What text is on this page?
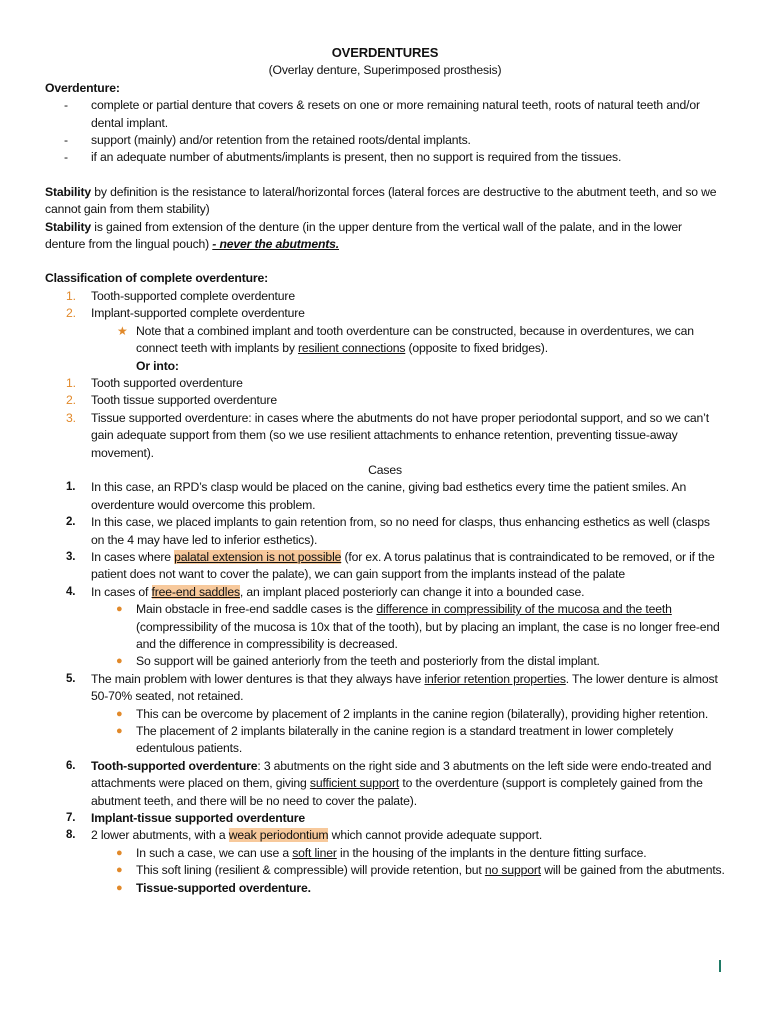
OVERDENTURES

(Overlay denture, Superimposed prosthesis)

Overdenture:

- complete or partial denture that covers & resets on one or more remaining natural teeth, roots of natural teeth and/or dental implant.
- support (mainly) and/or retention from the retained roots/dental implants.
- if an adequate number of abutments/implants is present, then no support is required from the tissues.

Stability by definition is the resistance to lateral/horizontal forces (lateral forces are destructive to the abutment teeth, and so we cannot gain from them stability)

Stability is gained from extension of the denture (in the upper denture from the vertical wall of the palate, and in the lower denture from the lingual pouch) - never the abutments.

Classification of complete overdenture:

1. Tooth-supported complete overdenture
2. Implant-supported complete overdenture
★ Note that a combined implant and tooth overdenture can be constructed, because in overdentures, we can connect teeth with implants by resilient connections (opposite to fixed bridges).
Or into:
1. Tooth supported overdenture
2. Tooth tissue supported overdenture
3. Tissue supported overdenture: in cases where the abutments do not have proper periodontal support, and so we can’t gain adequate support from them (so we use resilient attachments to enhance retention, preventing tissue-away movement).

Cases

1. In this case, an RPD’s clasp would be placed on the canine, giving bad esthetics every time the patient smiles. An overdenture would overcome this problem.
2. In this case, we placed implants to gain retention from, so no need for clasps, thus enhancing esthetics as well (clasps on the 4 may have led to inferior esthetics).
3. In cases where palatal extension is not possible (for ex. A torus palatinus that is contraindicated to be removed, or if the patient does not want to cover the palate), we can gain support from the implants instead of the palate
4. In cases of free-end saddles, an implant placed posteriorly can change it into a bounded case.
● Main obstacle in free-end saddle cases is the difference in compressibility of the mucosa and the teeth (compressibility of the mucosa is 10x that of the tooth), but by placing an implant, the case is no longer free-end and the difference in compressibility is decreased.
● So support will be gained anteriorly from the teeth and posteriorly from the distal implant.
5. The main problem with lower dentures is that they always have inferior retention properties. The lower denture is almost 50-70% seated, not retained.
● This can be overcome by placement of 2 implants in the canine region (bilaterally), providing higher retention.
● The placement of 2 implants bilaterally in the canine region is a standard treatment in lower completely edentulous patients.
6. Tooth-supported overdenture: 3 abutments on the right side and 3 abutments on the left side were endo-treated and attachments were placed on them, giving sufficient support to the overdenture (support is completely gained from the abutment teeth, and there will be no need to cover the palate).
7. Implant-tissue supported overdenture
8. 2 lower abutments, with a weak periodontium which cannot provide adequate support.
● In such a case, we can use a soft liner in the housing of the implants in the denture fitting surface.
● This soft lining (resilient & compressible) will provide retention, but no support will be gained from the abutments.
● Tissue-supported overdenture.
